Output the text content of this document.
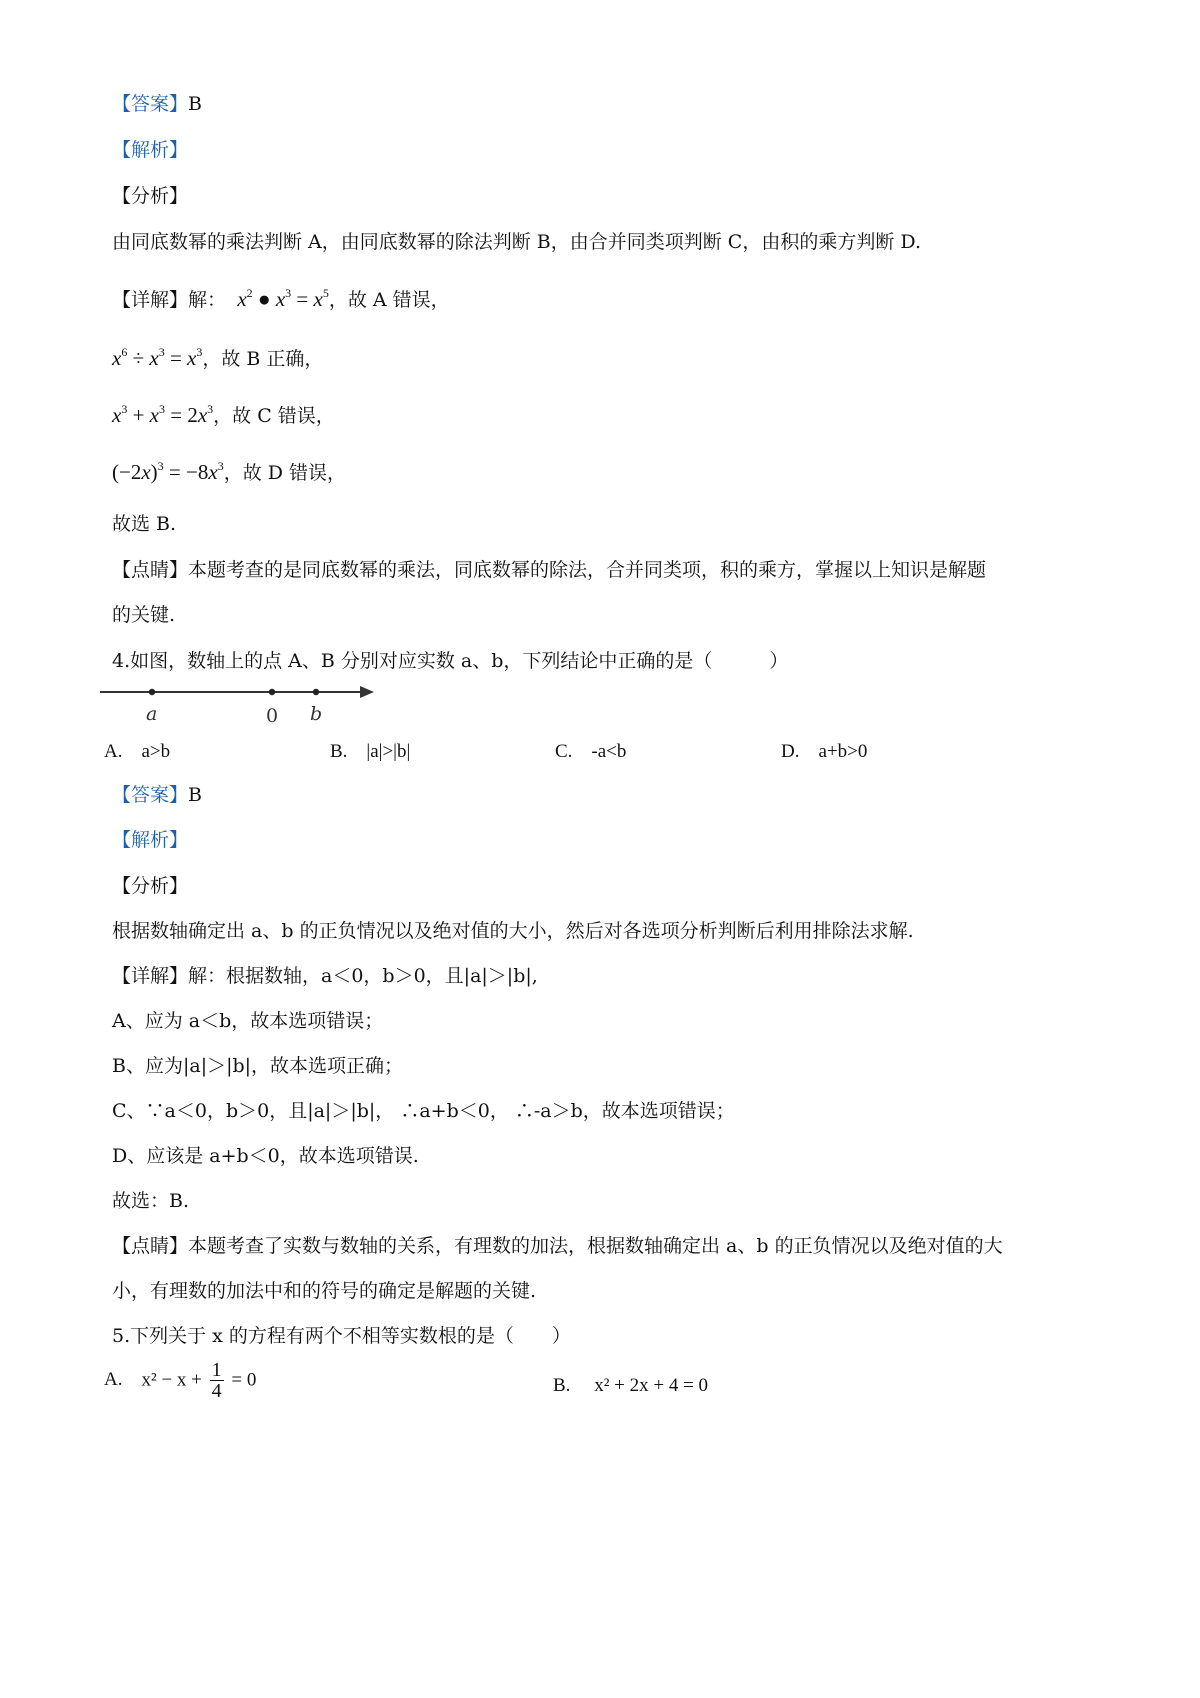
【答案】B
【解析】
【分析】
由同底数幂的乘法判断 A，由同底数幂的除法判断 B，由合并同类项判断 C，由积的乘方判断 D.
【详解】解： $x^2$ ● $x^3 = x^5$，故 A 错误，
$x^6 \div x^3 = x^3$，故 B 正确，
$x^3 + x^3 = 2x^3$，故 C 错误，
$(-2x)^3 = -8x^3$，故 D 错误，
故选 B.
【点睛】本题考查的是同底数幂的乘法，同底数幂的除法，合并同类项，积的乘方，掌握以上知识是解题
的关键.
4.如图，数轴上的点 A、B 分别对应实数 a、b，下列结论中正确的是（　　　）
a	0 b
A.　a>b	B.　|a|>|b|	C.　-a<b	D.　a+b>0
【答案】B
【解析】
【分析】
根据数轴确定出 a、b 的正负情况以及绝对值的大小，然后对各选项分析判断后利用排除法求解.
【详解】解：根据数轴，a＜0，b＞0，且|a|＞|b|,
A、应为 a＜b，故本选项错误；
B、应为|a|＞|b|，故本选项正确；
C、∵a＜0，b＞0，且|a|＞|b|， ∴a+b＜0， ∴-a＞b，故本选项错误；
D、应该是 a+b＜0，故本选项错误.
故选：B.
【点睛】本题考查了实数与数轴的关系，有理数的加法，根据数轴确定出 a、b 的正负情况以及绝对值的大
小，有理数的加法中和的符号的确定是解题的关键.
5.下列关于 x 的方程有两个不相等实数根的是（　　）
A. $x^2 - x + \frac{1}{4} = 0$	B. x² + 2x + 4 = 0
